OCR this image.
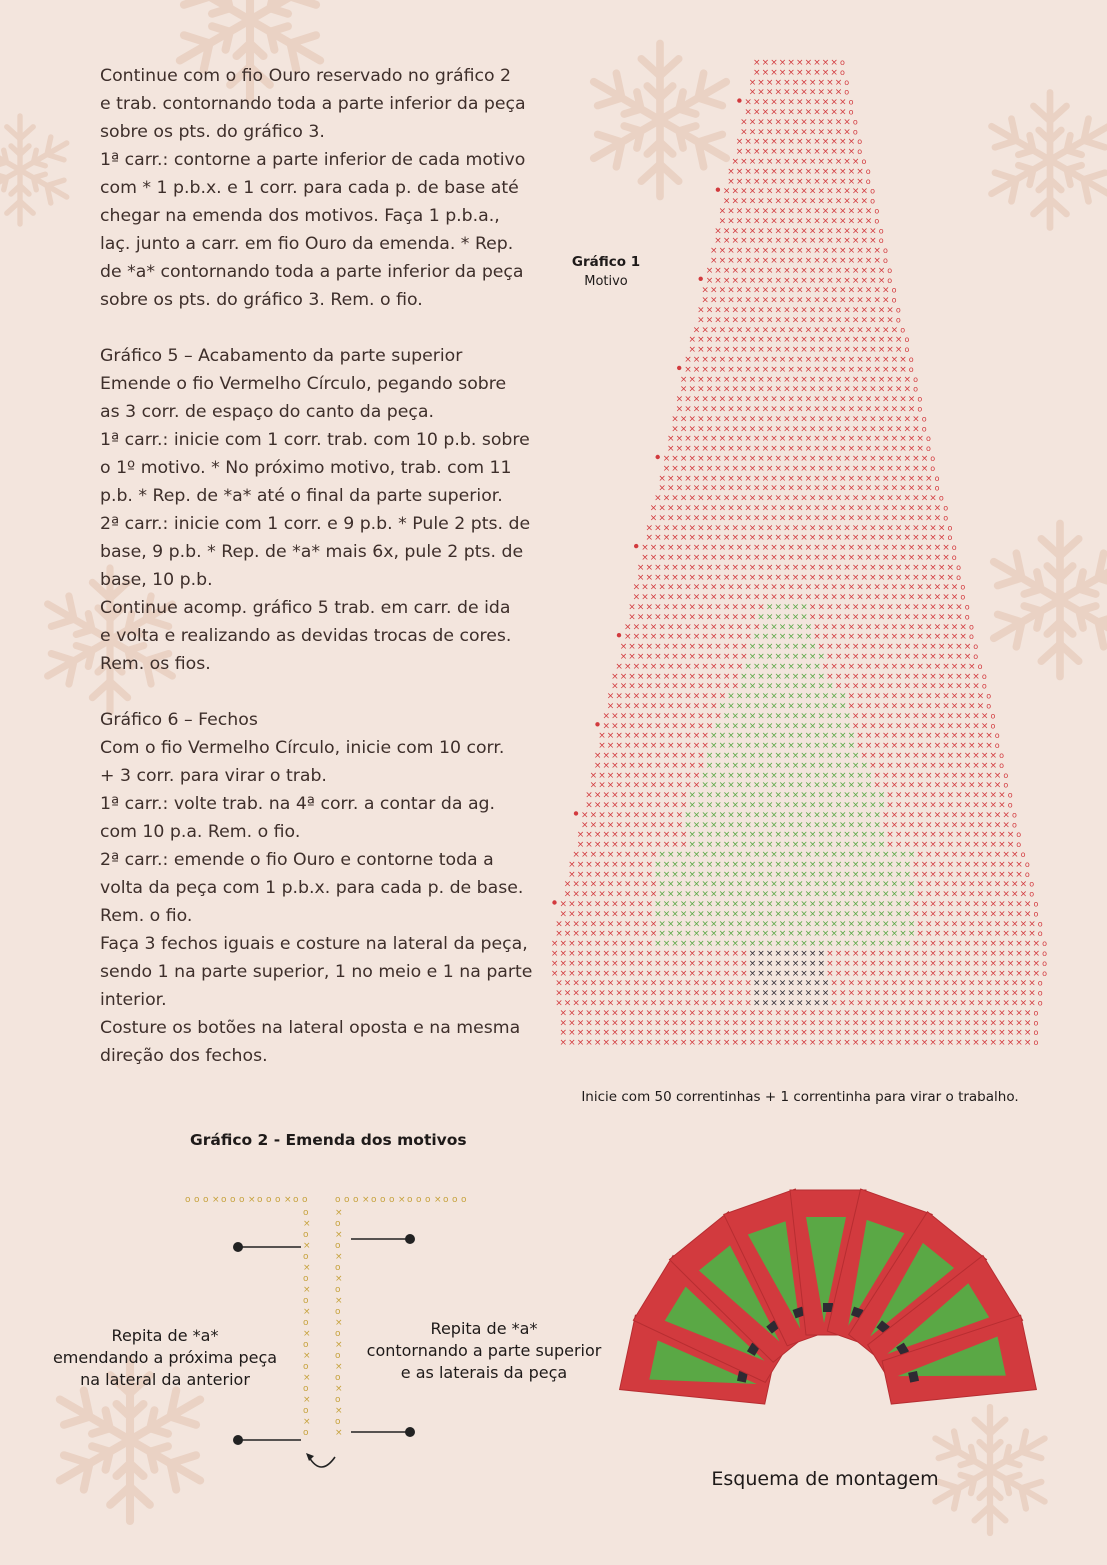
Continue com o fio Ouro reservado no gráfico 2
e trab. contornando toda a parte inferior da peça
sobre os pts. do gráfico 3.
1ª carr.: contorne a parte inferior de cada motivo
com * 1 p.b.x. e 1 corr. para cada p. de base até
chegar na emenda dos motivos. Faça 1 p.b.a.,
laç. junto a carr. em fio Ouro da emenda. * Rep.
de *a* contornando toda a parte inferior da peça
sobre os pts. do gráfico 3. Rem. o fio.

Gráfico 5 – Acabamento da parte superior
Emende o fio Vermelho Círculo, pegando sobre
as 3 corr. de espaço do canto da peça.
1ª carr.: inicie com 1 corr. trab. com 10 p.b. sobre
o 1º motivo. * No próximo motivo, trab. com 11
p.b. * Rep. de *a* até o final da parte superior.
2ª carr.: inicie com 1 corr. e 9 p.b. * Pule 2 pts. de
base, 9 p.b. * Rep. de *a* mais 6x, pule 2 pts. de
base, 10 p.b.
Continue acomp. gráfico 5 trab. em carr. de ida
e volta e realizando as devidas trocas de cores.
Rem. os fios.

Gráfico 6 – Fechos
Com o fio Vermelho Círculo, inicie com 10 corr.
+ 3 corr. para virar o trab.
1ª carr.: volte trab. na 4ª corr. a contar da ag.
com 10 p.a. Rem. o fio.
2ª carr.: emende o fio Ouro e contorne toda a
volta da peça com 1 p.b.x. para cada p. de base.
Rem. o fio.
Faça 3 fechos iguais e costure na lateral da peça,
sendo 1 na parte superior, 1 no meio e 1 na parte
interior.
Costure os botões na lateral oposta e na mesma
direção dos fechos.

Gráfico 1
Motivo
× × × × × × × × × × o
× × × × × × × × × × o
× × × × × × × × × × × o
× × × × × × × × × × × o
× × × × × × × × × × × × o
× × × × × × × × × × × × o
× × × × × × × × × × × × × o
× × × × × × × × × × × × × o
× × × × × × × × × × × × × × o
× × × × × × × × × × × × × × o
× × × × × × × × × × × × × × × o
× × × × × × × × × × × × × × × × o
× × × × × × × × × × × × × × × × o
× × × × × × × × × × × × × × × × × o
× × × × × × × × × × × × × × × × × o
× × × × × × × × × × × × × × × × × × o
× × × × × × × × × × × × × × × × × × o
× × × × × × × × × × × × × × × × × × × o
× × × × × × × × × × × × × × × × × × × o
× × × × × × × × × × × × × × × × × × × × o
× × × × × × × × × × × × × × × × × × × × o
× × × × × × × × × × × × × × × × × × × × × o
× × × × × × × × × × × × × × × × × × × × × o
× × × × × × × × × × × × × × × × × × × × × × o
× × × × × × × × × × × × × × × × × × × × × × o
× × × × × × × × × × × × × × × × × × × × × × × o
× × × × × × × × × × × × × × × × × × × × × × × o
× × × × × × × × × × × × × × × × × × × × × × × × o
× × × × × × × × × × × × × × × × × × × × × × × × × o
× × × × × × × × × × × × × × × × × × × × × × × × × o
× × × × × × × × × × × × × × × × × × × × × × × × × × o
× × × × × × × × × × × × × × × × × × × × × × × × × × o
× × × × × × × × × × × × × × × × × × × × × × × × × × × o
× × × × × × × × × × × × × × × × × × × × × × × × × × × o
× × × × × × × × × × × × × × × × × × × × × × × × × × × × o
× × × × × × × × × × × × × × × × × × × × × × × × × × × × o
× × × × × × × × × × × × × × × × × × × × × × × × × × × × × o
× × × × × × × × × × × × × × × × × × × × × × × × × × × × × o
× × × × × × × × × × × × × × × × × × × × × × × × × × × × × × o
× × × × × × × × × × × × × × × × × × × × × × × × × × × × × × o
× × × × × × × × × × × × × × × × × × × × × × × × × × × × × × × o
× × × × × × × × × × × × × × × × × × × × × × × × × × × × × × × o
× × × × × × × × × × × × × × × × × × × × × × × × × × × × × × × × o
× × × × × × × × × × × × × × × × × × × × × × × × × × × × × × × × o
× × × × × × × × × × × × × × × × × × × × × × × × × × × × × × × × × o
× × × × × × × × × × × × × × × × × × × × × × × × × × × × × × × × × × o
× × × × × × × × × × × × × × × × × × × × × × × × × × × × × × × × × × o
× × × × × × × × × × × × × × × × × × × × × × × × × × × × × × × × × × × o
× × × × × × × × × × × × × × × × × × × × × × × × × × × × × × × × × × × o
× × × × × × × × × × × × × × × × × × × × × × × × × × × × × × × × × × × × o
× × × × × × × × × × × × × × × × × × × × × × × × × × × × × × × × × × × × o
× × × × × × × × × × × × × × × × × × × × × × × × × × × × × × × × × × × × × o
× × × × × × × × × × × × × × × × × × × × × × × × × × × × × × × × × × × × × o
× × × × × × × × × × × × × × × × × × × × × × × × × × × × × × × × × × × × × × o
× × × × × × × × × × × × × × × × × × × × × × × × × × × × × × × × × × × × × × o
× × × × × × × × × × × × × × × × × × × × × × × × × × × × × × × × × × × × × × × o
× × × × × × × × × × × × × × × × × × × × × × × × × × × × × × × × × × × × × × × o
× × × × × × × × × × × × × × × × × × × × × × × × × × × × × × × × × × × × × × × × o
× × × × × × × × × × × × × × × × × × × × × × × × × × × × × × × × × × × × × × × × o
× × × × × × × × × × × × × × × × × × × × × × × × × × × × × × × × × × × × × × × × × o
× × × × × × × × × × × × × × × × × × × × × × × × × × × × × × × × × × × × × × × × × o
× × × × × × × × × × × × × × × × × × × × × × × × × × × × × × × × × × × × × × × × × × o
× × × × × × × × × × × × × × × × × × × × × × × × × × × × × × × × × × × × × × × × × × × o
× × × × × × × × × × × × × × × × × × × × × × × × × × × × × × × × × × × × × × × × × × × o
× × × × × × × × × × × × × × × × × × × × × × × × × × × × × × × × × × × × × × × × × × × × o
× × × × × × × × × × × × × × × × × × × × × × × × × × × × × × × × × × × × × × × × × × × × o
× × × × × × × × × × × × × × × × × × × × × × × × × × × × × × × × × × × × × × × × × × × × × o
× × × × × × × × × × × × × × × × × × × × × × × × × × × × × × × × × × × × × × × × × × × × × o
× × × × × × × × × × × × × × × × × × × × × × × × × × × × × × × × × × × × × × × × × × × × × × o
× × × × × × × × × × × × × × × × × × × × × × × × × × × × × × × × × × × × × × × × × × × × × × o
× × × × × × × × × × × × × × × × × × × × × × × × × × × × × × × × × × × × × × × × × × × × × × × o
× × × × × × × × × × × × × × × × × × × × × × × × × × × × × × × × × × × × × × × × × × × × × × × o
× × × × × × × × × × × × × × × × × × × × × × × × × × × × × × × × × × × × × × × × × × × × × × × × o
× × × × × × × × × × × × × × × × × × × × × × × × × × × × × × × × × × × × × × × × × × × × × × × × o
× × × × × × × × × × × × × × × × × × × × × × × × × × × × × × × × × × × × × × × × × × × × × × × × × o
× × × × × × × × × × × × × × × × × × × × × × × × × × × × × × × × × × × × × × × × × × × × × × × × × o
× × × × × × × × × × × × × × × × × × × × × × × × × × × × × × × × × × × × × × × × × × × × × × × × × × o
× × × × × × × × × × × × × × × × × × × × × × × × × × × × × × × × × × × × × × × × × × × × × × × × × × o
× × × × × × × × × × × × × × × × × × × × × × × × × × × × × × × × × × × × × × × × × × × × × × × × × × × o
× × × × × × × × × × × × × × × × × × × × × × × × × × × × × × × × × × × × × × × × × × × × × × × × × × × o
× × × × × × × × × × × × × × × × × × × × × × × × × × × × × × × × × × × × × × × × × × × × × × × × × × × × o
× × × × × × × × × × × × × × × × × × × × × × × × × × × × × × × × × × × × × × × × × × × × × × × × × × × × × o
× × × × × × × × × × × × × × × × × × × × × × × × × × × × × × × × × × × × × × × × × × × × × × × × × × × × × o
× × × × × × × × × × × × × × × × × × × × × × × × × × × × × × × × × × × × × × × × × × × × × × × × × × × × × × o
× × × × × × × × × × × × × × × × × × × × × × × × × × × × × × × × × × × × × × × × × × × × × × × × × × × × × × o
× × × × × × × × × × × × × × × × × × × × × × × × × × × × × × × × × × × × × × × × × × × × × × × × × × × × × × × o
× × × × × × × × × × × × × × × × × × × × × × × × × × × × × × × × × × × × × × × × × × × × × × × × × × × × × × × o
× × × × × × × × × × × × × × × × × × × × × × × × × × × × × × × × × × × × × × × × × × × × × × × × × × × × × × × × o
× × × × × × × × × × × × × × × × × × × × × × × × × × × × × × × × × × × × × × × × × × × × × × × × × × × × × × × × o
× × × × × × × × × × × × × × × × × × × × × × × × × × × × × × × × × × × × × × × × × × × × × × × × × × × × × × × × × o
× × × × × × × × × × × × × × × × × × × × × × × × × × × × × × × × × × × × × × × × × × × × × × × × × × × × × × × × × o
× × × × × × × × × × × × × × × × × × × × × × × × × × × × × × × × × × × × × × × × × × × × × × × × × × × × × × × × × o
× × × × × × × × × × × × × × × × × × × × × × × × × × × × × × × × × × × × × × × × × × × × × × × × × × × × × × × × × o
× × × × × × × × × × × × × × × × × × × × × × × × × × × × × × × × × × × × × × × × × × × × × × × × × × × × × × × × o
× × × × × × × × × × × × × × × × × × × × × × × × × × × × × × × × × × × × × × × × × × × × × × × × × × × × × × × × o
× × × × × × × × × × × × × × × × × × × × × × × × × × × × × × × × × × × × × × × × × × × × × × × × × × × × × × × × o
× × × × × × × × × × × × × × × × × × × × × × × × × × × × × × × × × × × × × × × × × × × × × × × × × × × × × × × o
× × × × × × × × × × × × × × × × × × × × × × × × × × × × × × × × × × × × × × × × × × × × × × × × × × × × × × × o
× × × × × × × × × × × × × × × × × × × × × × × × × × × × × × × × × × × × × × × × × × × × × × × × × × × × × × × o
× × × × × × × × × × × × × × × × × × × × × × × × × × × × × × × × × × × × × × × × × × × × × × × × × × × × × × × o
Inicie com 50 correntinhas + 1 correntinha para virar o trabalho.
Gráfico 2 - Emenda dos motivos
o o o × o o o × o o o × o o	o o o × o o o × o o o × o o o
o	×
×	o
o	×
×	o
o	×
×	o
o	×
×	o
o	×
×	o
o	×
×	o
o	×
×	o
o	×
×	o
o	×
×	o
o	×
×	o
o	×
Repita de *a*
emendando a próxima peça
na lateral da anterior
Repita de *a*
contornando a parte superior
e as laterais da peça
Esquema de montagem
